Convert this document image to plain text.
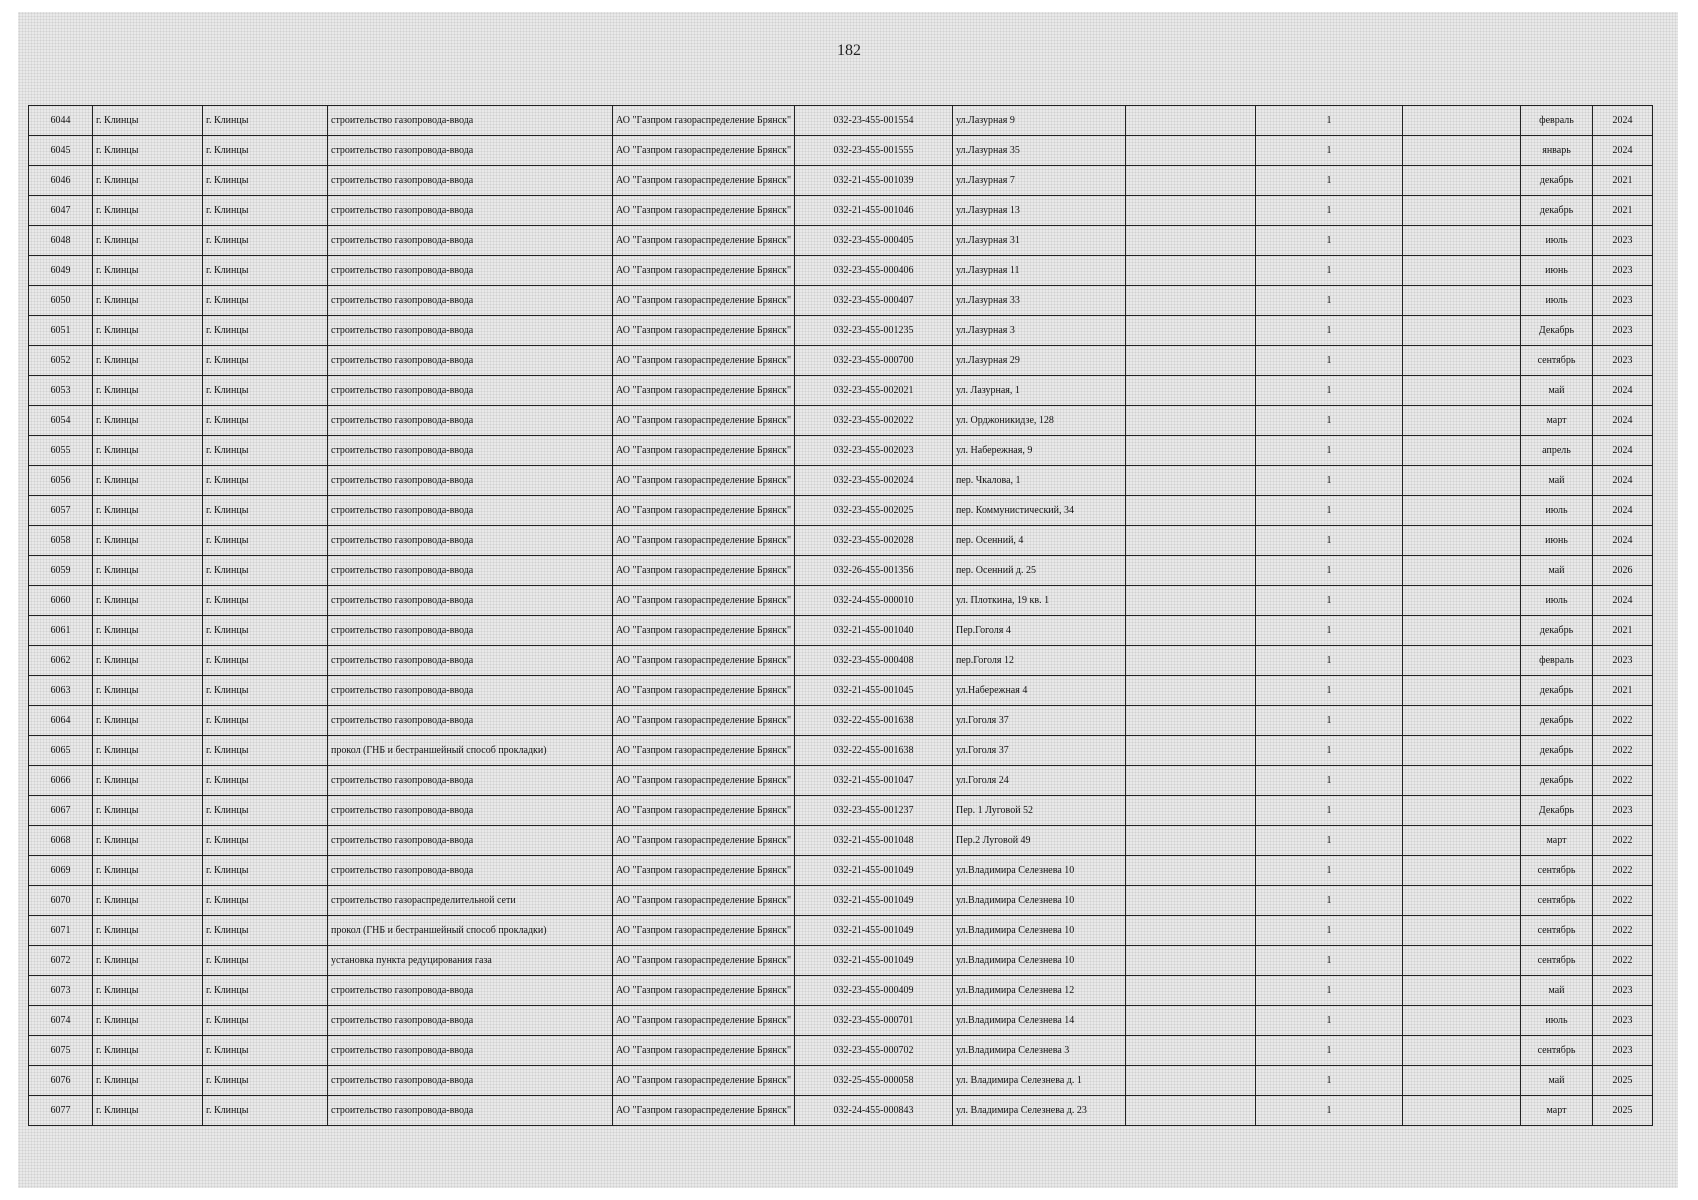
182
6044	г. Клинцы	г. Клинцы	строительство газопровода-ввода	АО "Газпром газораспределение Брянск"	032-23-455-001554	ул.Лазурная 9		1		февраль	2024
6045	г. Клинцы	г. Клинцы	строительство газопровода-ввода	АО "Газпром газораспределение Брянск"	032-23-455-001555	ул.Лазурная 35		1		январь	2024
6046	г. Клинцы	г. Клинцы	строительство газопровода-ввода	АО "Газпром газораспределение Брянск"	032-21-455-001039	ул.Лазурная 7		1		декабрь	2021
6047	г. Клинцы	г. Клинцы	строительство газопровода-ввода	АО "Газпром газораспределение Брянск"	032-21-455-001046	ул.Лазурная 13		1		декабрь	2021
6048	г. Клинцы	г. Клинцы	строительство газопровода-ввода	АО "Газпром газораспределение Брянск"	032-23-455-000405	ул.Лазурная 31		1		июль	2023
6049	г. Клинцы	г. Клинцы	строительство газопровода-ввода	АО "Газпром газораспределение Брянск"	032-23-455-000406	ул.Лазурная 11		1		июнь	2023
6050	г. Клинцы	г. Клинцы	строительство газопровода-ввода	АО "Газпром газораспределение Брянск"	032-23-455-000407	ул.Лазурная 33		1		июль	2023
6051	г. Клинцы	г. Клинцы	строительство газопровода-ввода	АО "Газпром газораспределение Брянск"	032-23-455-001235	ул.Лазурная 3		1		Декабрь	2023
6052	г. Клинцы	г. Клинцы	строительство газопровода-ввода	АО "Газпром газораспределение Брянск"	032-23-455-000700	ул.Лазурная 29		1		сентябрь	2023
6053	г. Клинцы	г. Клинцы	строительство газопровода-ввода	АО "Газпром газораспределение Брянск"	032-23-455-002021	ул. Лазурная, 1		1		май	2024
6054	г. Клинцы	г. Клинцы	строительство газопровода-ввода	АО "Газпром газораспределение Брянск"	032-23-455-002022	ул. Орджоникидзе, 128		1		март	2024
6055	г. Клинцы	г. Клинцы	строительство газопровода-ввода	АО "Газпром газораспределение Брянск"	032-23-455-002023	ул. Набережная, 9		1		апрель	2024
6056	г. Клинцы	г. Клинцы	строительство газопровода-ввода	АО "Газпром газораспределение Брянск"	032-23-455-002024	пер. Чкалова, 1		1		май	2024
6057	г. Клинцы	г. Клинцы	строительство газопровода-ввода	АО "Газпром газораспределение Брянск"	032-23-455-002025	пер. Коммунистический, 34		1		июль	2024
6058	г. Клинцы	г. Клинцы	строительство газопровода-ввода	АО "Газпром газораспределение Брянск"	032-23-455-002028	пер. Осенний, 4		1		июнь	2024
6059	г. Клинцы	г. Клинцы	строительство газопровода-ввода	АО "Газпром газораспределение Брянск"	032-26-455-001356	пер. Осенний д. 25		1		май	2026
6060	г. Клинцы	г. Клинцы	строительство газопровода-ввода	АО "Газпром газораспределение Брянск"	032-24-455-000010	ул. Плоткина, 19 кв. 1		1		июль	2024
6061	г. Клинцы	г. Клинцы	строительство газопровода-ввода	АО "Газпром газораспределение Брянск"	032-21-455-001040	Пер.Гоголя 4		1		декабрь	2021
6062	г. Клинцы	г. Клинцы	строительство газопровода-ввода	АО "Газпром газораспределение Брянск"	032-23-455-000408	пер.Гоголя 12		1		февраль	2023
6063	г. Клинцы	г. Клинцы	строительство газопровода-ввода	АО "Газпром газораспределение Брянск"	032-21-455-001045	ул.Набережная 4		1		декабрь	2021
6064	г. Клинцы	г. Клинцы	строительство газопровода-ввода	АО "Газпром газораспределение Брянск"	032-22-455-001638	ул.Гоголя 37		1		декабрь	2022
6065	г. Клинцы	г. Клинцы	прокол (ГНБ и бестраншейный способ прокладки)	АО "Газпром газораспределение Брянск"	032-22-455-001638	ул.Гоголя 37		1		декабрь	2022
6066	г. Клинцы	г. Клинцы	строительство газопровода-ввода	АО "Газпром газораспределение Брянск"	032-21-455-001047	ул.Гоголя 24		1		декабрь	2022
6067	г. Клинцы	г. Клинцы	строительство газопровода-ввода	АО "Газпром газораспределение Брянск"	032-23-455-001237	Пер. 1 Луговой 52		1		Декабрь	2023
6068	г. Клинцы	г. Клинцы	строительство газопровода-ввода	АО "Газпром газораспределение Брянск"	032-21-455-001048	Пер.2 Луговой 49		1		март	2022
6069	г. Клинцы	г. Клинцы	строительство газопровода-ввода	АО "Газпром газораспределение Брянск"	032-21-455-001049	ул.Владимира Селезнева 10		1		сентябрь	2022
6070	г. Клинцы	г. Клинцы	строительство газораспределительной сети	АО "Газпром газораспределение Брянск"	032-21-455-001049	ул.Владимира Селезнева 10		1		сентябрь	2022
6071	г. Клинцы	г. Клинцы	прокол (ГНБ и бестраншейный способ прокладки)	АО "Газпром газораспределение Брянск"	032-21-455-001049	ул.Владимира Селезнева 10		1		сентябрь	2022
6072	г. Клинцы	г. Клинцы	установка пункта редуцирования газа	АО "Газпром газораспределение Брянск"	032-21-455-001049	ул.Владимира Селезнева 10		1		сентябрь	2022
6073	г. Клинцы	г. Клинцы	строительство газопровода-ввода	АО "Газпром газораспределение Брянск"	032-23-455-000409	ул.Владимира Селезнева 12		1		май	2023
6074	г. Клинцы	г. Клинцы	строительство газопровода-ввода	АО "Газпром газораспределение Брянск"	032-23-455-000701	ул.Владимира Селезнева 14		1		июль	2023
6075	г. Клинцы	г. Клинцы	строительство газопровода-ввода	АО "Газпром газораспределение Брянск"	032-23-455-000702	ул.Владимира Селезнева 3		1		сентябрь	2023
6076	г. Клинцы	г. Клинцы	строительство газопровода-ввода	АО "Газпром газораспределение Брянск"	032-25-455-000058	ул. Владимира Селезнева д. 1		1		май	2025
6077	г. Клинцы	г. Клинцы	строительство газопровода-ввода	АО "Газпром газораспределение Брянск"	032-24-455-000843	ул. Владимира Селезнева д. 23		1		март	2025
